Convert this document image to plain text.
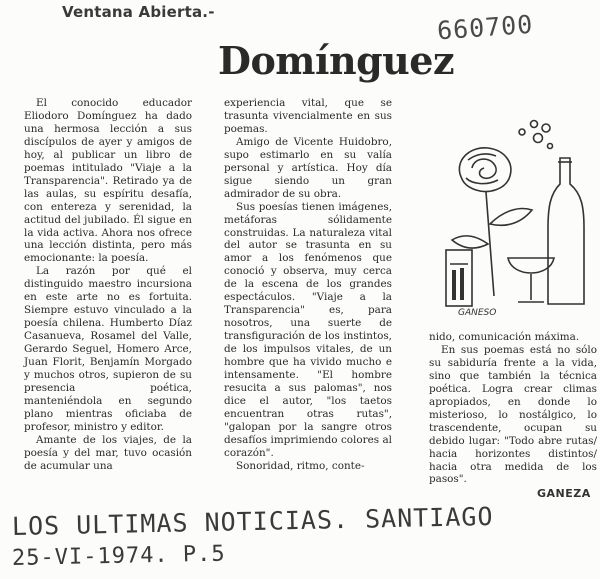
Ventana Abierta.-	660700
Domínguez

El conocido educador Eliodoro Domínguez ha dado una hermosa lección a sus discípulos de ayer y amigos de hoy, al publicar un libro de poemas intitulado "Viaje a la Transparencia". Retirado ya de las aulas, su espíritu desafía, con entereza y serenidad, la actitud del jubilado. Él sigue en la vida activa. Ahora nos ofrece una lección distinta, pero más emocionante: la poesía.

La razón por qué el distinguido maestro incursiona en este arte no es fortuita. Siempre estuvo vinculado a la poesía chilena. Humberto Díaz Casanueva, Rosamel del Valle, Gerardo Seguel, Homero Arce, Juan Florit, Benjamín Morgado y muchos otros, supieron de su presencia poética, manteniéndola en segundo plano mientras oficiaba de profesor, ministro y editor.

Amante de los viajes, de la poesía y del mar, tuvo ocasión de acumular una

experiencia vital, que se trasunta vivencialmente en sus poemas.

Amigo de Vicente Huidobro, supo estimarlo en su valía personal y artística. Hoy día sigue siendo un gran admirador de su obra.

Sus poesías tienen imágenes, metáforas sólidamente construidas. La naturaleza vital del autor se trasunta en su amor a los fenómenos que conoció y observa, muy cerca de la escena de los grandes espectáculos. "Viaje a la Transparencia" es, para nosotros, una suerte de transfiguración de los instintos, de los impulsos vitales, de un hombre que ha vivido mucho e intensamente. "El hombre resucita a sus palomas", nos dice el autor, "los taetos encuentran otras rutas", "galopan por la sangre otros desafíos imprimiendo colores al corazón".

Sonoridad, ritmo, conte-

GANESO

nido, comunicación máxima.

En sus poemas está no sólo su sabiduría frente a la vida, sino que también la técnica poética. Logra crear climas apropiados, en donde lo misterioso, lo nostálgico, lo trascendente, ocupan su debido lugar: "Todo abre rutas/ hacia horizontes distintos/ hacia otra medida de los pasos".

GANEZA
LOS ULTIMAS NOTICIAS. SANTIAGO
25-VI-1974. P.5
